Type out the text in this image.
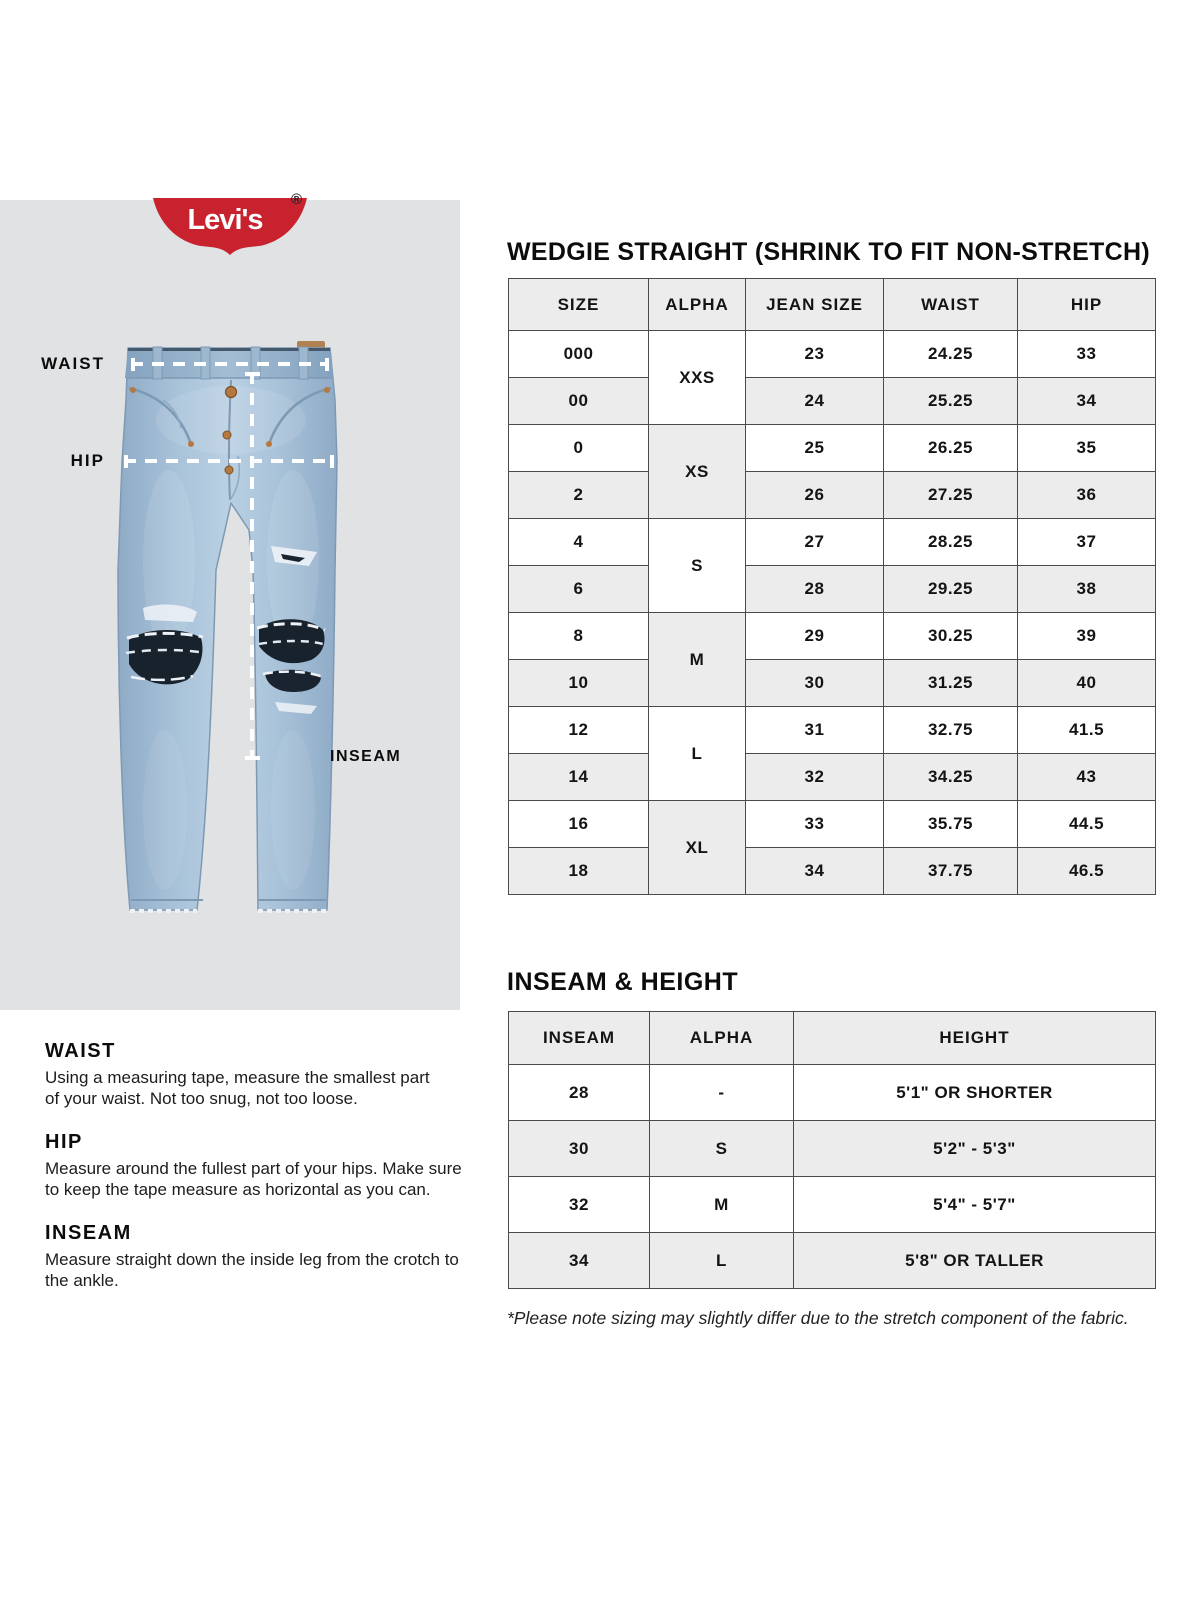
Levi's
®
WAIST
HIP
INSEAM
WAIST

Using a measuring tape, measure the smallest part
of your waist. Not too snug, not too loose.

HIP

Measure around the fullest part of your hips. Make sure
to keep the tape measure as horizontal as you can.

INSEAM

Measure straight down the inside leg from the crotch to
the ankle.

WEDGIE STRAIGHT (SHRINK TO FIT NON-STRETCH)
SIZE	ALPHA	JEAN SIZE	WAIST	HIP
000	XXS	23	24.25	33
00		24	25.25	34
0	XS	25	26.25	35
2		26	27.25	36
4	S	27	28.25	37
6		28	29.25	38
8	M	29	30.25	39
10		30	31.25	40
12	L	31	32.75	41.5
14		32	34.25	43
16	XL	33	35.75	44.5
18		34	37.75	46.5
INSEAM & HEIGHT
INSEAM	ALPHA	HEIGHT
28	-	5'1" OR SHORTER
30	S	5'2" - 5'3"
32	M	5'4" - 5'7"
34	L	5'8" OR TALLER

*Please note sizing may slightly differ due to the stretch component of the fabric.
